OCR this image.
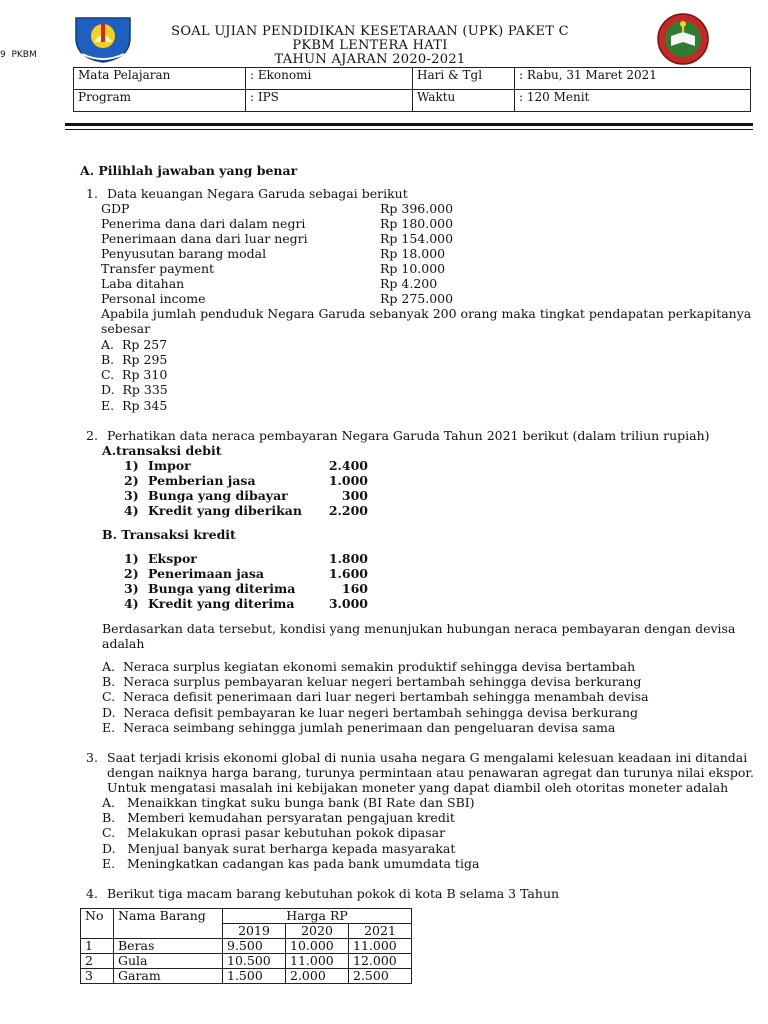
9  PKBM
SOAL UJIAN PENDIDIKAN KESETARAAN (UPK) PAKET C
PKBM LENTERA HATI
TAHUN AJARAN 2020-2021
Mata Pelajaran	: Ekonomi	Hari & Tgl	: Rabu, 31 Maret 2021
Program	: IPS	Waktu	: 120 Menit
A. Pilihlah jawaban yang benar
1. Data keuangan Negara Garuda sebagai berikut
GDP	Rp 396.000
Penerima dana dari dalam negri	Rp 180.000
Penerimaan dana dari luar negri	Rp 154.000
Penyusutan barang modal	Rp 18.000
Transfer payment	Rp 10.000
Laba ditahan	Rp 4.200
Personal income	Rp 275.000
Apabila jumlah penduduk Negara Garuda sebanyak 200 orang maka tingkat pendapatan perkapitanya
sebesar
A. Rp 257
B. Rp 295
C. Rp 310
D. Rp 335
E. Rp 345
2. Perhatikan data neraca pembayaran Negara Garuda Tahun 2021 berikut (dalam triliun rupiah)
A.transaksi debit
1) Impor	2.400
2) Pemberian jasa	1.000
3) Bunga yang dibayar	300
4) Kredit yang diberikan	2.200
B. Transaksi kredit
1) Ekspor	1.800
2) Penerimaan jasa	1.600
3) Bunga yang diterima	160
4) Kredit yang diterima	3.000
Berdasarkan data tersebut, kondisi yang menunjukan hubungan neraca pembayaran dengan devisa
adalah
A. Neraca surplus kegiatan ekonomi semakin produktif sehingga devisa bertambah
B. Neraca surplus pembayaran keluar negeri bertambah sehingga devisa berkurang
C. Neraca defisit penerimaan dari luar negeri bertambah sehingga menambah devisa
D. Neraca defisit pembayaran ke luar negeri bertambah sehingga devisa berkurang
E. Neraca seimbang sehingga jumlah penerimaan dan pengeluaran devisa sama
3. Saat terjadi krisis ekonomi global di nunia usaha negara G mengalami kelesuan keadaan ini ditandai
dengan naiknya harga barang, turunya permintaan atau penawaran agregat dan turunya nilai ekspor.
Untuk mengatasi masalah ini kebijakan moneter yang dapat diambil oleh otoritas moneter adalah
A. Menaikkan tingkat suku bunga bank (BI Rate dan SBI)
B. Memberi kemudahan persyaratan pengajuan kredit
C. Melakukan oprasi pasar kebutuhan pokok dipasar
D. Menjual banyak surat berharga kepada masyarakat
E. Meningkatkan cadangan kas pada bank umumdata tiga
4. Berikut tiga macam barang kebutuhan pokok di kota B selama 3 Tahun
No	Nama Barang	Harga RP		
		2019	2020	2021
1	Beras	9.500	10.000	11.000
2	Gula	10.500	11.000	12.000
3	Garam	1.500	2.000	2.500
